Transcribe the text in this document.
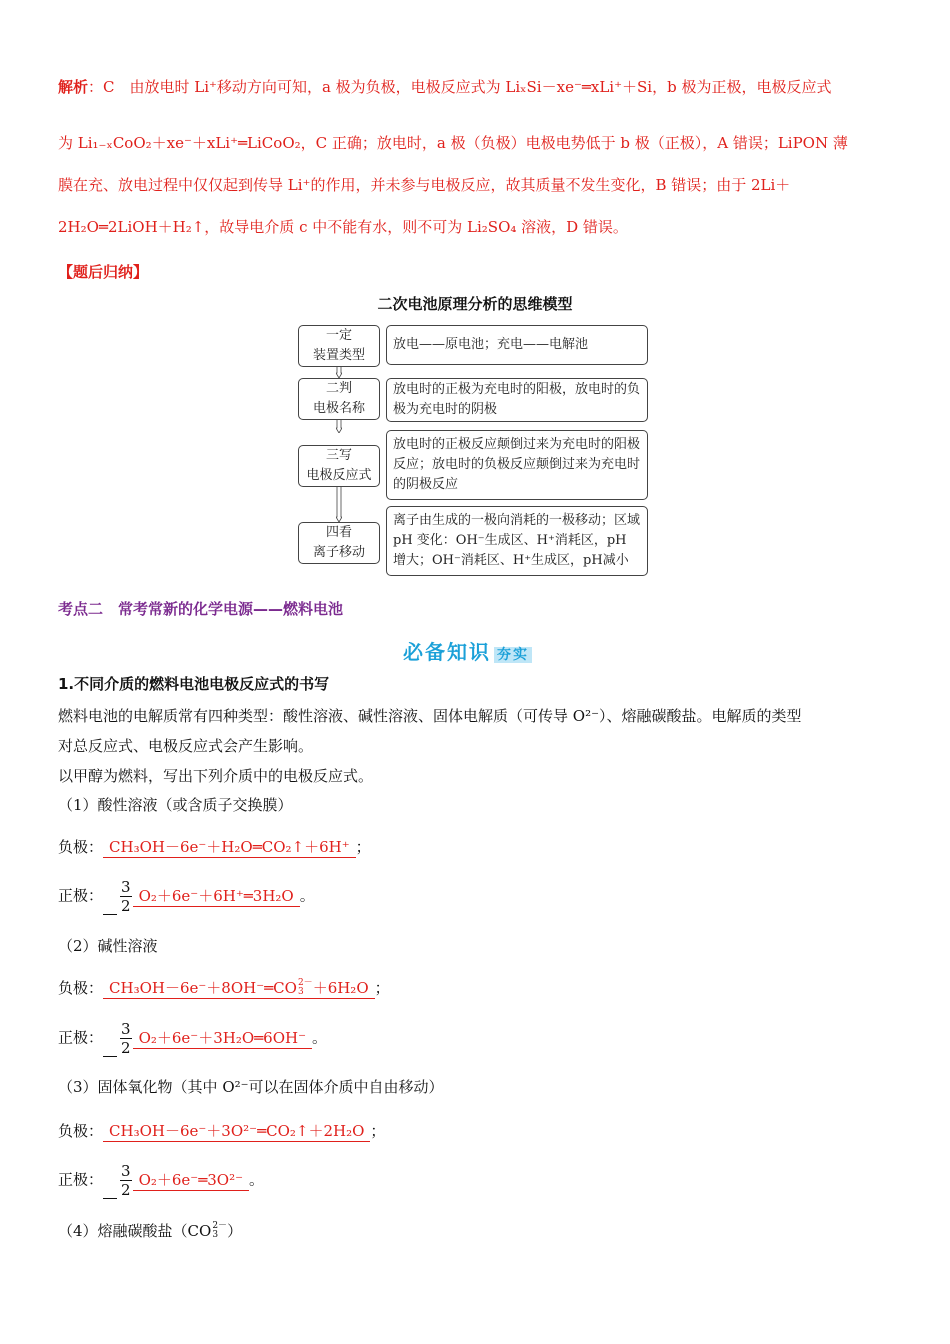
解析：C　由放电时 Li⁺移动方向可知，a 极为负极，电极反应式为 LiₓSi－xe⁻═xLi⁺＋Si，b 极为正极，电极反应式
为 Li₁₋ₓCoO₂＋xe⁻＋xLi⁺═LiCoO₂，C 正确；放电时，a 极（负极）电极电势低于 b 极（正极），A 错误；LiPON 薄
膜在充、放电过程中仅仅起到传导 Li⁺的作用，并未参与电极反应，故其质量不发生变化，B 错误；由于 2Li＋
2H₂O═2LiOH＋H₂↑，故导电介质 c 中不能有水，则不可为 Li₂SO₄ 溶液，D 错误。
【题后归纳】
二次电池原理分析的思维模型
一定
装置类型
放电——原电池；充电——电解池
二判
电极名称
放电时的正极为充电时的阳极，放电时的负极为充电时的阴极
三写
电极反应式
放电时的正极反应颠倒过来为充电时的阳极反应；放电时的负极反应颠倒过来为充电时的阴极反应
四看
离子移动
离子由生成的一极向消耗的一极移动；区域 pH 变化：OH⁻生成区、H⁺消耗区，pH 增大；OH⁻消耗区、H⁺生成区，pH减小
考点二　常考常新的化学电源——燃料电池
必备知识 夯实
1.不同介质的燃料电池电极反应式的书写
燃料电池的电解质常有四种类型：酸性溶液、碱性溶液、固体电解质（可传导 O²⁻）、熔融碳酸盐。电解质的类型
对总反应式、电极反应式会产生影响。
以甲醇为燃料，写出下列介质中的电极反应式。
（1）酸性溶液（或含质子交换膜）
负极： CH₃OH－6e⁻＋H₂O═CO₂↑＋6H⁺ ；
正极： $\frac{3}{2}$ O₂＋6e⁻＋6H⁺═3H₂O 。
（2）碱性溶液
负极： CH₃OH－6e⁻＋8OH⁻═CO 2－
3 ＋6H₂O ；
正极： $\frac{3}{2}$ O₂＋6e⁻＋3H₂O═6OH⁻ 。
（3）固体氧化物（其中 O²⁻可以在固体介质中自由移动）
负极： CH₃OH－6e⁻＋3O²⁻═CO₂↑＋2H₂O ；
正极： $\frac{3}{2}$ O₂＋6e⁻═3O²⁻ 。
（4）熔融碳酸盐（CO 2－
3 ）
